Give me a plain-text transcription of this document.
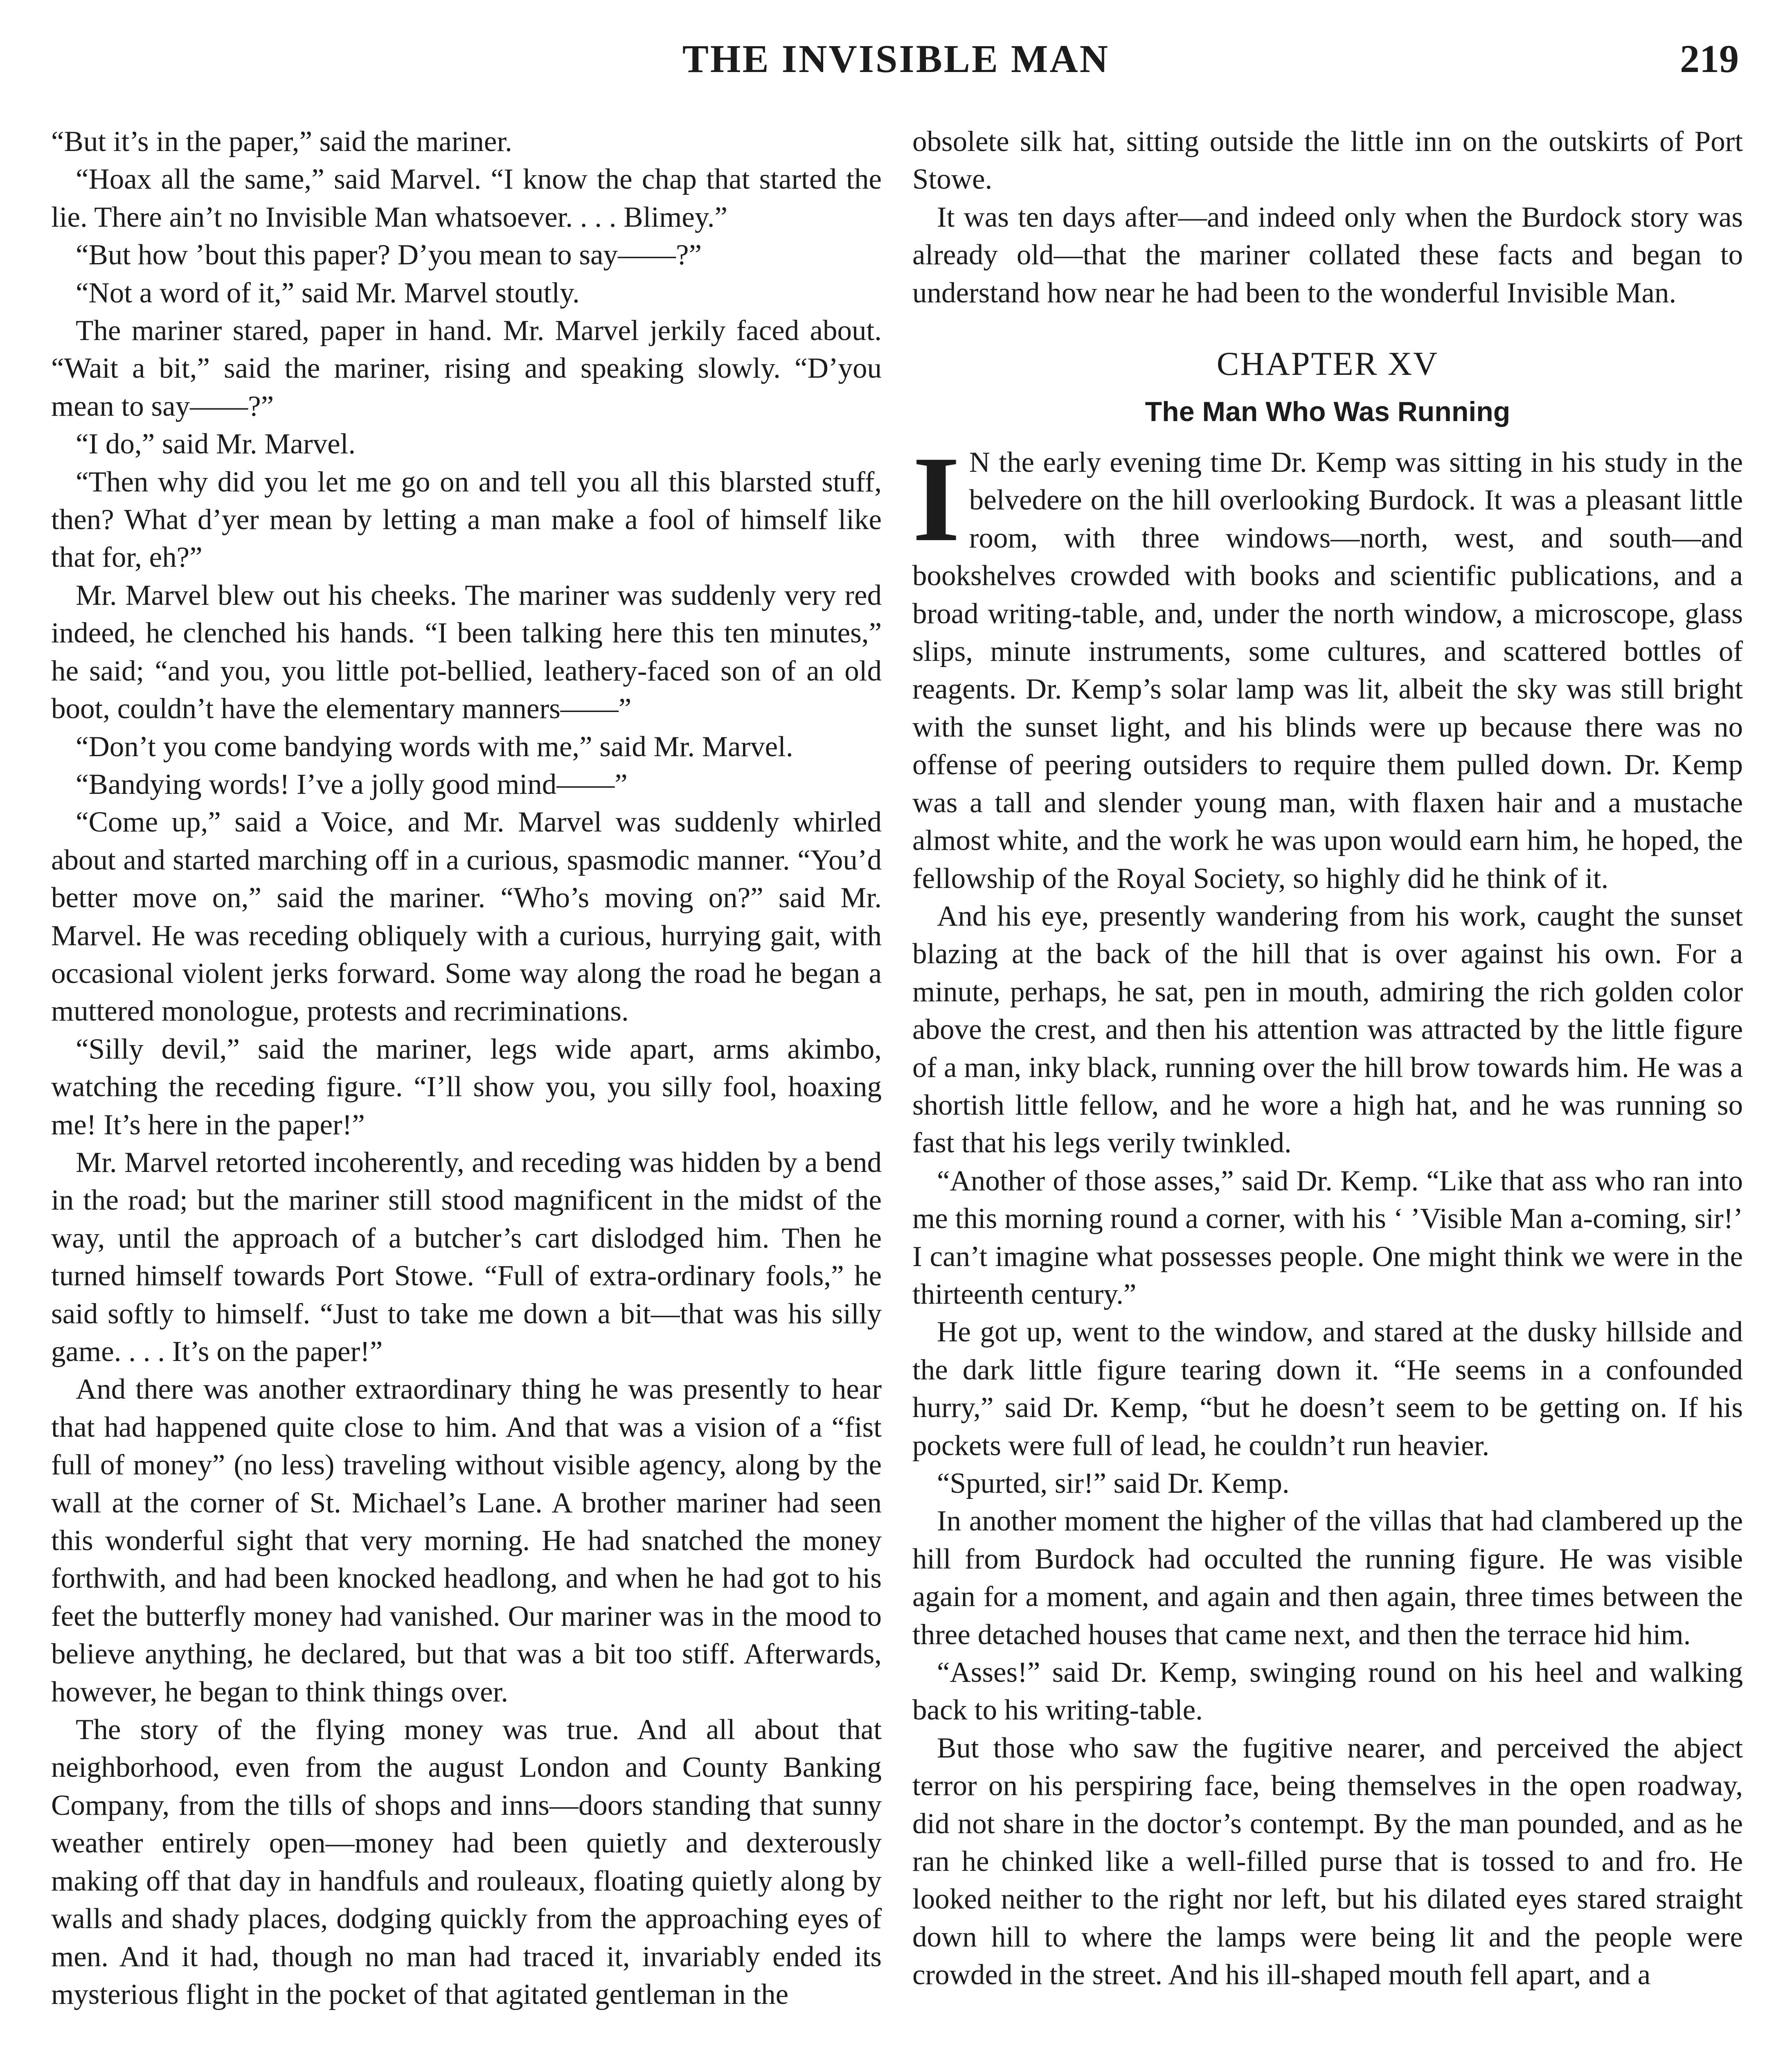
THE INVISIBLE MAN	219

“But it’s in the paper,” said the mariner.

“Hoax all the same,” said Marvel. “I know the chap that started the lie. There ain’t no Invisible Man whatsoever. . . . Blimey.”

“But how ’bout this paper? D’you mean to say——?”

“Not a word of it,” said Mr. Marvel stoutly.

The mariner stared, paper in hand. Mr. Marvel jerkily faced about. “Wait a bit,” said the mariner, rising and speaking slowly. “D’you mean to say——?”

“I do,” said Mr. Marvel.

“Then why did you let me go on and tell you all this blarsted stuff, then? What d’yer mean by letting a man make a fool of himself like that for, eh?”

Mr. Marvel blew out his cheeks. The mariner was suddenly very red indeed, he clenched his hands. “I been talking here this ten minutes,” he said; “and you, you little pot-bellied, leathery-faced son of an old boot, couldn’t have the elementary manners——”

“Don’t you come bandying words with me,” said Mr. Marvel.

“Bandying words! I’ve a jolly good mind——”

“Come up,” said a Voice, and Mr. Marvel was suddenly whirled about and started marching off in a curious, spasmodic manner. “You’d better move on,” said the mariner. “Who’s moving on?” said Mr. Marvel. He was receding obliquely with a curious, hurrying gait, with occasional violent jerks forward. Some way along the road he began a muttered monologue, protests and recriminations.

“Silly devil,” said the mariner, legs wide apart, arms akimbo, watching the receding figure. “I’ll show you, you silly fool, hoaxing me! It’s here in the paper!”

Mr. Marvel retorted incoherently, and receding was hidden by a bend in the road; but the mariner still stood magnificent in the midst of the way, until the approach of a butcher’s cart dislodged him. Then he turned himself towards Port Stowe. “Full of extra-ordinary fools,” he said softly to himself. “Just to take me down a bit—that was his silly game. . . . It’s on the paper!”

And there was another extraordinary thing he was presently to hear that had happened quite close to him. And that was a vision of a “fist full of money” (no less) traveling without visible agency, along by the wall at the corner of St. Michael’s Lane. A brother mariner had seen this wonderful sight that very morning. He had snatched the money forthwith, and had been knocked headlong, and when he had got to his feet the butterfly money had vanished. Our mariner was in the mood to believe anything, he declared, but that was a bit too stiff. Afterwards, however, he began to think things over.

The story of the flying money was true. And all about that neighborhood, even from the august London and County Banking Company, from the tills of shops and inns—doors standing that sunny weather entirely open—money had been quietly and dexterously making off that day in handfuls and rouleaux, floating quietly along by walls and shady places, dodging quickly from the approaching eyes of men. And it had, though no man had traced it, invariably ended its mysterious flight in the pocket of that agitated gentleman in the

obsolete silk hat, sitting outside the little inn on the outskirts of Port Stowe.

It was ten days after—and indeed only when the Burdock story was already old—that the mariner collated these facts and began to understand how near he had been to the wonderful Invisible Man.

CHAPTER XV
The Man Who Was Running

I N the early evening time Dr. Kemp was sitting in his study in the belvedere on the hill overlooking Burdock. It was a pleasant little room, with three windows—north, west, and south—and bookshelves crowded with books and scientific publications, and a broad writing-table, and, under the north window, a microscope, glass slips, minute instruments, some cultures, and scattered bottles of reagents. Dr. Kemp’s solar lamp was lit, albeit the sky was still bright with the sunset light, and his blinds were up because there was no offense of peering outsiders to require them pulled down. Dr. Kemp was a tall and slender young man, with flaxen hair and a mustache almost white, and the work he was upon would earn him, he hoped, the fellowship of the Royal Society, so highly did he think of it.

And his eye, presently wandering from his work, caught the sunset blazing at the back of the hill that is over against his own. For a minute, perhaps, he sat, pen in mouth, admiring the rich golden color above the crest, and then his attention was attracted by the little figure of a man, inky black, running over the hill brow towards him. He was a shortish little fellow, and he wore a high hat, and he was running so fast that his legs verily twinkled.

“Another of those asses,” said Dr. Kemp. “Like that ass who ran into me this morning round a corner, with his ‘ ’Visible Man a-coming, sir!’ I can’t imagine what possesses people. One might think we were in the thirteenth century.”

He got up, went to the window, and stared at the dusky hillside and the dark little figure tearing down it. “He seems in a confounded hurry,” said Dr. Kemp, “but he doesn’t seem to be getting on. If his pockets were full of lead, he couldn’t run heavier.

“Spurted, sir!” said Dr. Kemp.

In another moment the higher of the villas that had clambered up the hill from Burdock had occulted the running figure. He was visible again for a moment, and again and then again, three times between the three detached houses that came next, and then the terrace hid him.

“Asses!” said Dr. Kemp, swinging round on his heel and walking back to his writing-table.

But those who saw the fugitive nearer, and perceived the abject terror on his perspiring face, being themselves in the open roadway, did not share in the doctor’s contempt. By the man pounded, and as he ran he chinked like a well-filled purse that is tossed to and fro. He looked neither to the right nor left, but his dilated eyes stared straight down hill to where the lamps were being lit and the people were crowded in the street. And his ill-shaped mouth fell apart, and a
